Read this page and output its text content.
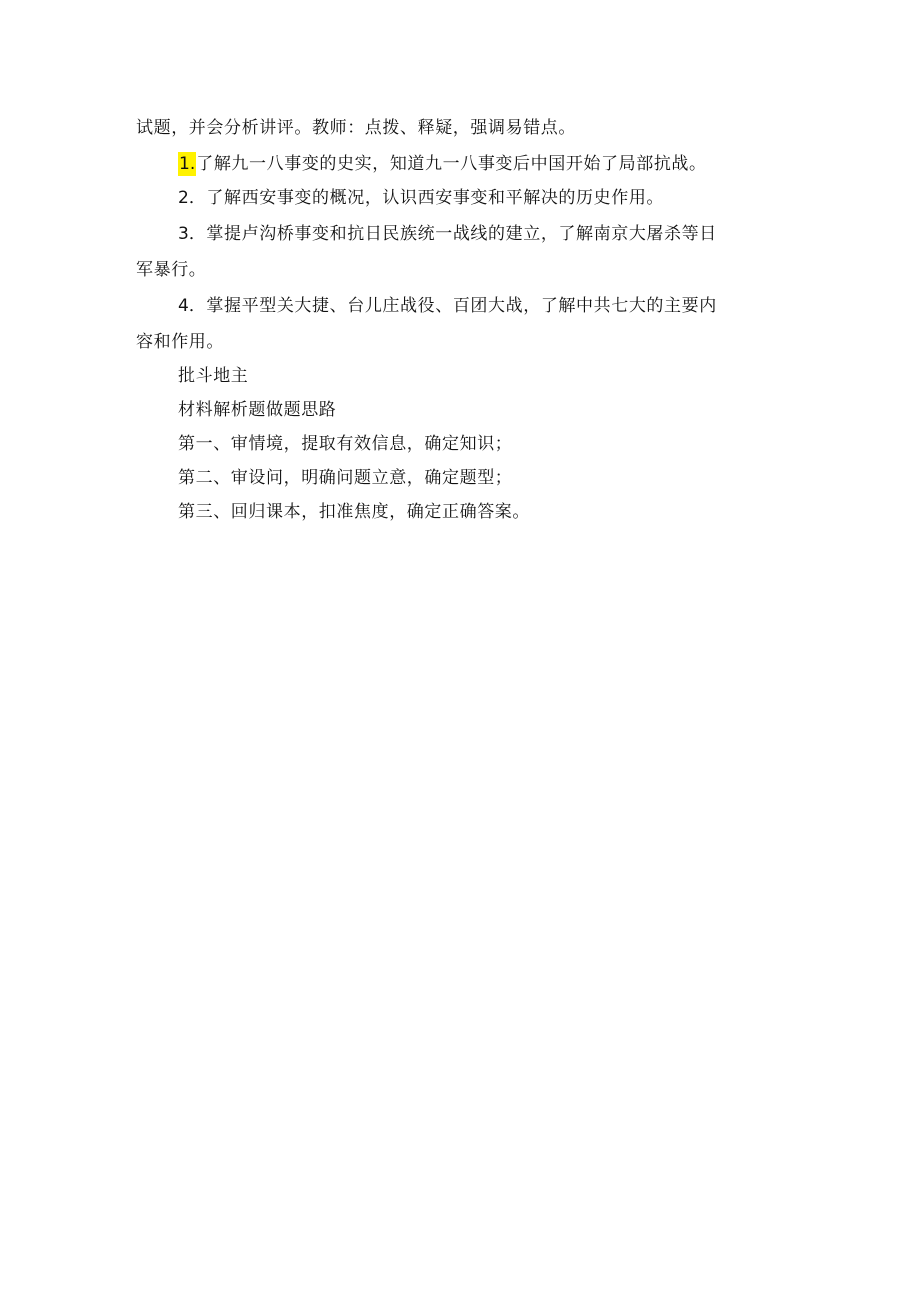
试题，并会分析讲评。教师：点拨、释疑，强调易错点。
1.了解九一八事变的史实，知道九一八事变后中国开始了局部抗战。
2．了解西安事变的概况，认识西安事变和平解决的历史作用。
3．掌提卢沟桥事变和抗日民族统一战线的建立，了解南京大屠杀等日
军暴行。
4．掌握平型关大捷、台儿庄战役、百团大战，了解中共七大的主要内
容和作用。
批斗地主
材料解析题做题思路
第一、审情境，提取有效信息，确定知识；
第二、审设问，明确问题立意，确定题型；
第三、回归课本，扣准焦度，确定正确答案。
